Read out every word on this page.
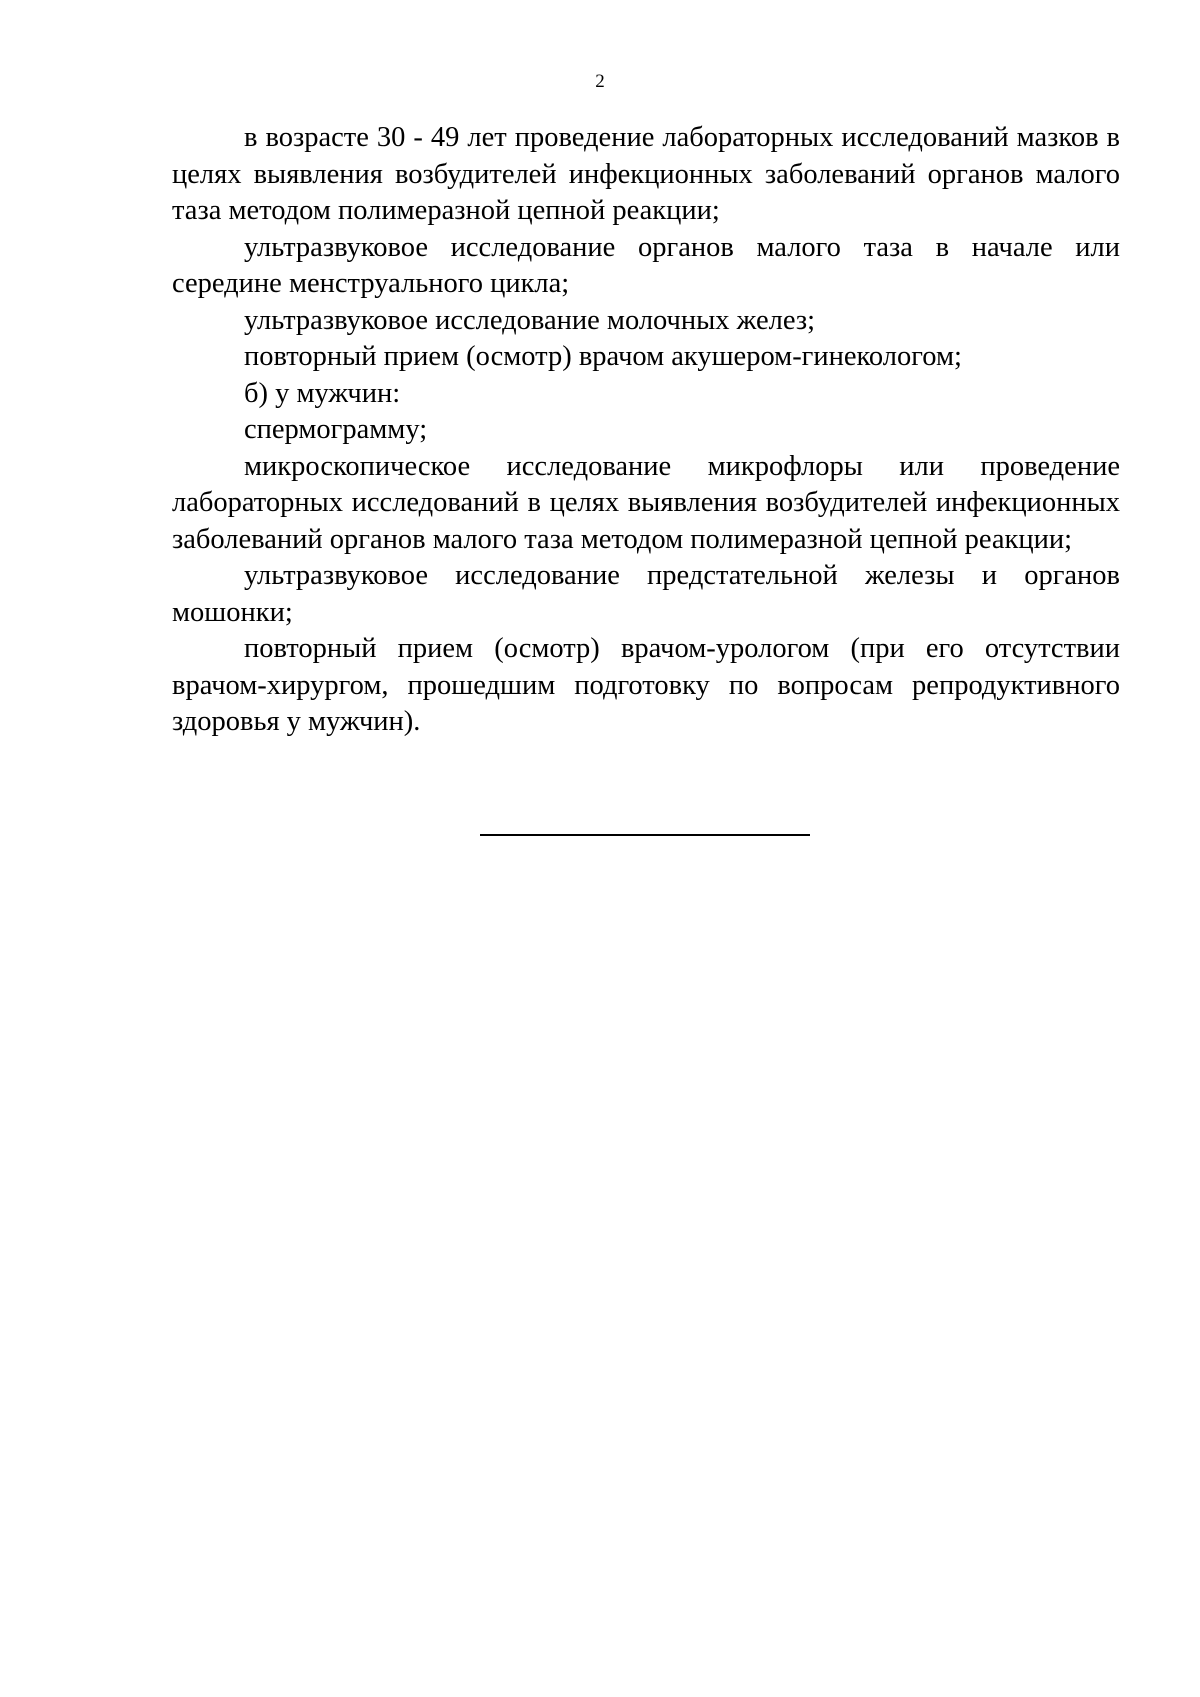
2

в возрасте 30 - 49 лет проведение лабораторных исследований мазков в целях выявления возбудителей инфекционных заболеваний органов малого таза методом полимеразной цепной реакции;

ультразвуковое исследование органов малого таза в начале или середине менструального цикла;

ультразвуковое исследование молочных желез;

повторный прием (осмотр) врачом акушером-гинекологом;

б) у мужчин:

спермограмму;

микроскопическое исследование микрофлоры или проведение лабораторных исследований в целях выявления возбудителей инфекционных заболеваний органов малого таза методом полимеразной цепной реакции;

ультразвуковое исследование предстательной железы и органов мошонки;

повторный прием (осмотр) врачом-урологом (при его отсутствии врачом-хирургом, прошедшим подготовку по вопросам репродуктивного здоровья у мужчин).
